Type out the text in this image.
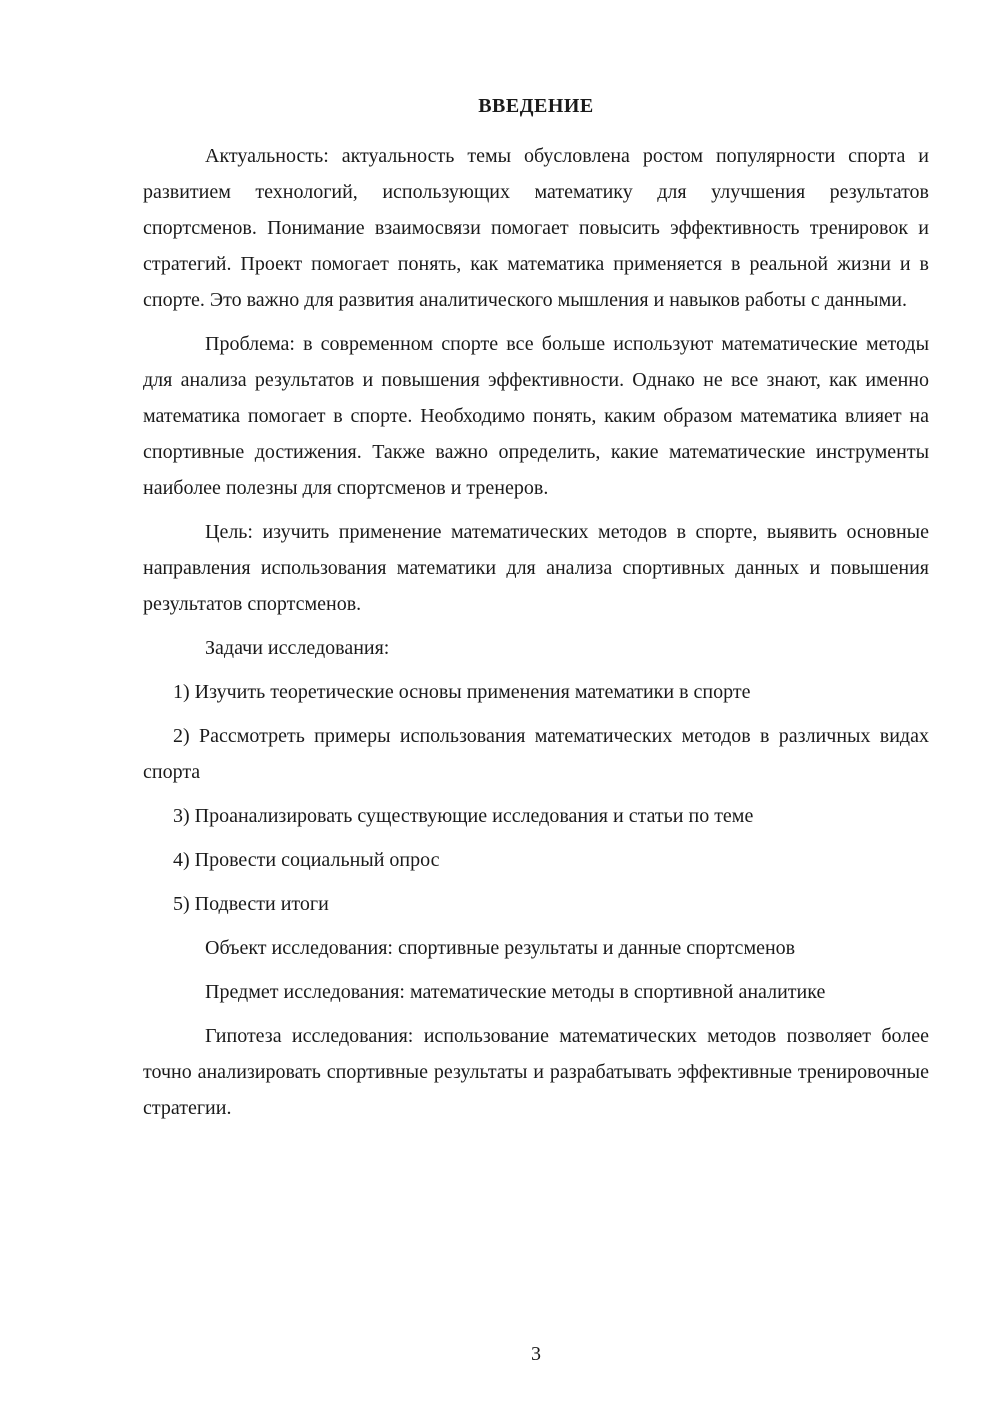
ВВЕДЕНИЕ

Актуальность: актуальность темы обусловлена ростом популярности спорта и развитием технологий, использующих математику для улучшения результатов спортсменов. Понимание взаимосвязи помогает повысить эффективность тренировок и стратегий. Проект помогает понять, как математика применяется в реальной жизни и в спорте. Это важно для развития аналитического мышления и навыков работы с данными.

Проблема: в современном спорте все больше используют математические методы для анализа результатов и повышения эффективности. Однако не все знают, как именно математика помогает в спорте. Необходимо понять, каким образом математика влияет на спортивные достижения. Также важно определить, какие математические инструменты наиболее полезны для спортсменов и тренеров.

Цель: изучить применение математических методов в спорте, выявить основные направления использования математики для анализа спортивных данных и повышения результатов спортсменов.

Задачи исследования:

1) Изучить теоретические основы применения математики в спорте

2) Рассмотреть примеры использования математических методов в различных видах спорта

3) Проанализировать существующие исследования и статьи по теме

4) Провести социальный опрос

5) Подвести итоги

Объект исследования: спортивные результаты и данные спортсменов

Предмет исследования: математические методы в спортивной аналитике

Гипотеза исследования: использование математических методов позволяет более точно анализировать спортивные результаты и разрабатывать эффективные тренировочные стратегии.

3
